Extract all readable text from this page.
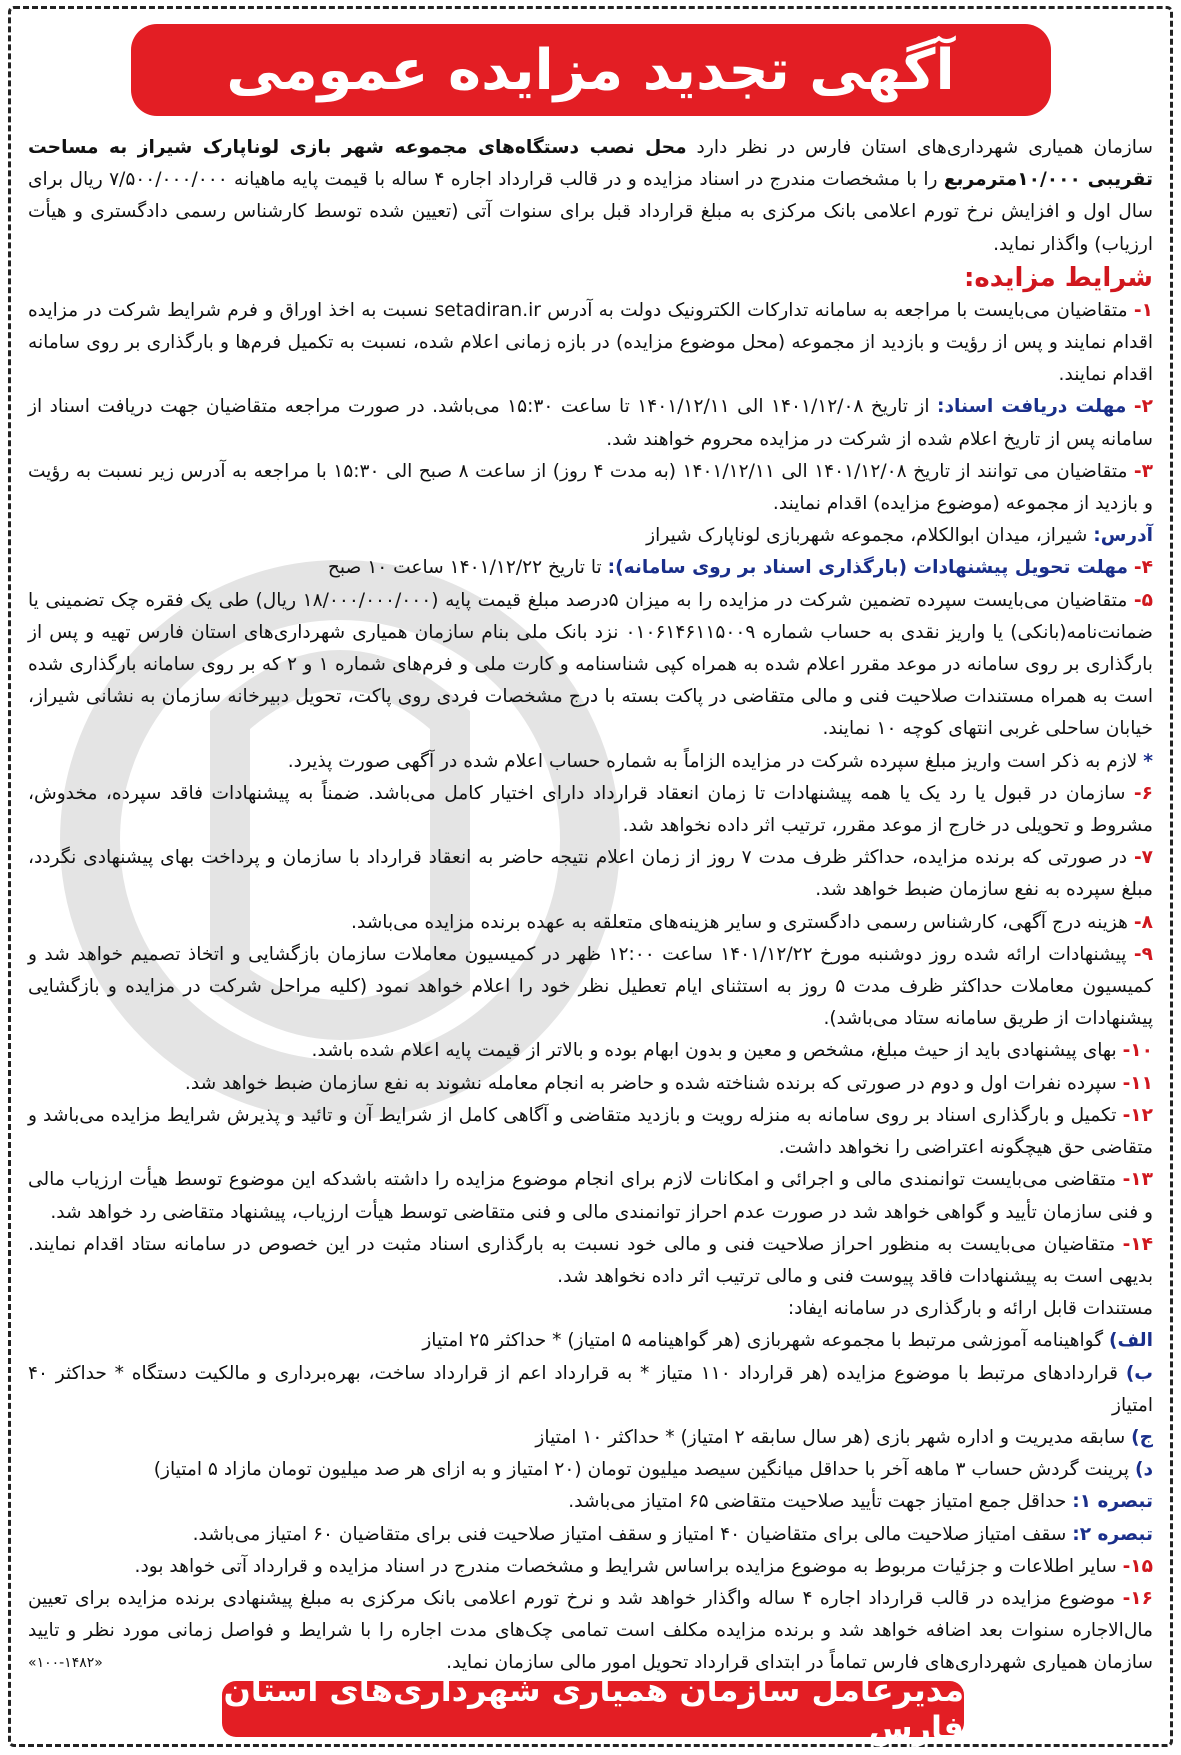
آگهی تجدید مزایده عمومی

سازمان همیاری شهرداری‌های استان فارس در نظر دارد محل نصب دستگاه‌های مجموعه شهر بازی لوناپارک شیراز به مساحت تقریبی ۱۰/۰۰۰مترمربع را با مشخصات مندرج در اسناد مزایده و در قالب قرارداد اجاره ۴ ساله با قیمت پایه ماهیانه ۷/۵۰۰/۰۰۰/۰۰۰ ریال برای سال اول و افزایش نرخ تورم اعلامی بانک مرکزی به مبلغ قرارداد قبل برای سنوات آتی (تعیین شده توسط کارشناس رسمی دادگستری و هیأت ارزیاب) واگذار نماید.

شرایط مزایده:

۱- متقاضیان می‌بایست با مراجعه به سامانه تدارکات الکترونیک دولت به آدرس setadiran.ir نسبت به اخذ اوراق و فرم شرایط شرکت در مزایده اقدام نمایند و پس از رؤیت و بازدید از مجموعه (محل موضوع مزایده) در بازه زمانی اعلام شده، نسبت به تکمیل فرم‌ها و بارگذاری بر روی سامانه اقدام نمایند.

۲- مهلت دریافت اسناد: از تاریخ ۱۴۰۱/۱۲/۰۸ الی ۱۴۰۱/۱۲/۱۱ تا ساعت ۱۵:۳۰ می‌باشد. در صورت مراجعه متقاضیان جهت دریافت اسناد از سامانه پس از تاریخ اعلام شده از شرکت در مزایده محروم خواهند شد.

۳- متقاضیان می توانند از تاریخ ۱۴۰۱/۱۲/۰۸ الی ۱۴۰۱/۱۲/۱۱ (به مدت ۴ روز) از ساعت ۸ صبح الی ۱۵:۳۰ با مراجعه به آدرس زیر نسبت به رؤیت و بازدید از مجموعه (موضوع مزایده) اقدام نمایند.

آدرس: شیراز، میدان ابوالکلام، مجموعه شهربازی لوناپارک شیراز

۴- مهلت تحویل پیشنهادات (بارگذاری اسناد بر روی سامانه): تا تاریخ ۱۴۰۱/۱۲/۲۲ ساعت ۱۰ صبح

۵- متقاضیان می‌بایست سپرده تضمین شرکت در مزایده را به میزان ۵درصد مبلغ قیمت پایه (۱۸/۰۰۰/۰۰۰/۰۰۰ ریال) طی یک فقره چک تضمینی یا ضمانت‌نامه(بانکی) یا واریز نقدی به حساب شماره ۰۱۰۶۱۴۶۱۱۵۰۰۹ نزد بانک ملی بنام سازمان همیاری شهرداری‌های استان فارس تهیه و پس از بارگذاری بر روی سامانه در موعد مقرر اعلام شده به همراه کپی شناسنامه و کارت ملی و فرم‌های شماره ۱ و ۲ که بر روی سامانه بارگذاری شده است به همراه مستندات صلاحیت فنی و مالی متقاضی در پاکت بسته با درج مشخصات فردی روی پاکت، تحویل دبیرخانه سازمان به نشانی شیراز، خیابان ساحلی غربی انتهای کوچه ۱۰ نمایند.

* لازم به ذکر است واریز مبلغ سپرده شرکت در مزایده الزاماً به شماره حساب اعلام شده در آگهی صورت پذیرد.

۶- سازمان در قبول یا رد یک یا همه پیشنهادات تا زمان انعقاد قرارداد دارای اختیار کامل می‌باشد. ضمناً به پیشنهادات فاقد سپرده، مخدوش، مشروط و تحویلی در خارج از موعد مقرر، ترتیب اثر داده نخواهد شد.

۷- در صورتی که برنده مزایده، حداکثر ظرف مدت ۷ روز از زمان اعلام نتیجه حاضر به انعقاد قرارداد با سازمان و پرداخت بهای پیشنهادی نگردد، مبلغ سپرده به نفع سازمان ضبط خواهد شد.

۸- هزینه درج آگهی، کارشناس رسمی دادگستری و سایر هزینه‌های متعلقه به عهده برنده مزایده می‌باشد.

۹- پیشنهادات ارائه شده روز دوشنبه مورخ ۱۴۰۱/۱۲/۲۲ ساعت ۱۲:۰۰ ظهر در کمیسیون معاملات سازمان بازگشایی و اتخاذ تصمیم خواهد شد و کمیسیون معاملات حداکثر ظرف مدت ۵ روز به استثنای ایام تعطیل نظر خود را اعلام خواهد نمود (کلیه مراحل شرکت در مزایده و بازگشایی پیشنهادات از طریق سامانه ستاد می‌باشد).

۱۰- بهای پیشنهادی باید از حیث مبلغ، مشخص و معین و بدون ابهام بوده و بالاتر از قیمت پایه اعلام شده باشد.

۱۱- سپرده نفرات اول و دوم در صورتی که برنده شناخته شده و حاضر به انجام معامله نشوند به نفع سازمان ضبط خواهد شد.

۱۲- تکمیل و بارگذاری اسناد بر روی سامانه به منزله رویت و بازدید متقاضی و آگاهی کامل از شرایط آن و تائید و پذیرش شرایط مزایده می‌باشد و متقاضی حق هیچگونه اعتراضی را نخواهد داشت.

۱۳- متقاضی می‌بایست توانمندی مالی و اجرائی و امکانات لازم برای انجام موضوع مزایده را داشته باشدکه این موضوع توسط هیأت ارزیاب مالی و فنی سازمان تأیید و گواهی خواهد شد در صورت عدم احراز توانمندی مالی و فنی متقاضی توسط هیأت ارزیاب، پیشنهاد متقاضی رد خواهد شد.

۱۴- متقاضیان می‌بایست به منظور احراز صلاحیت فنی و مالی خود نسبت به بارگذاری اسناد مثبت در این خصوص در سامانه ستاد اقدام نمایند. بدیهی است به پیشنهادات فاقد پیوست فنی و مالی ترتیب اثر داده نخواهد شد.

مستندات قابل ارائه و بارگذاری در سامانه ایفاد:

الف) گواهینامه آموزشی مرتبط با مجموعه شهربازی (هر گواهینامه ۵ امتیاز) * حداکثر ۲۵ امتیاز

ب) قراردادهای مرتبط با موضوع مزایده (هر قرارداد ۱۱۰ متیاز * به قرارداد اعم از قرارداد ساخت، بهره‌برداری و مالکیت دستگاه * حداکثر ۴۰ امتیاز

ج) سابقه مدیریت و اداره شهر بازی (هر سال سابقه ۲ امتیاز) * حداکثر ۱۰ امتیاز

د) پرینت گردش حساب ۳ ماهه آخر با حداقل میانگین سیصد میلیون تومان (۲۰ امتیاز و به ازای هر صد میلیون تومان مازاد ۵ امتیاز)

تبصره ۱: حداقل جمع امتیاز جهت تأیید صلاحیت متقاضی ۶۵ امتیاز می‌باشد.

تبصره ۲: سقف امتیاز صلاحیت مالی برای متقاضیان ۴۰ امتیاز و سقف امتیاز صلاحیت فنی برای متقاضیان ۶۰ امتیاز می‌باشد.

۱۵- سایر اطلاعات و جزئیات مربوط به موضوع مزایده براساس شرایط و مشخصات مندرج در اسناد مزایده و قرارداد آتی خواهد بود.

۱۶- موضوع مزایده در قالب قرارداد اجاره ۴ ساله واگذار خواهد شد و نرخ تورم اعلامی بانک مرکزی به مبلغ پیشنهادی برنده مزایده برای تعیین مال‌الاجاره سنوات بعد اضافه خواهد شد و برنده مزایده مکلف است تمامی چک‌های مدت اجاره را با شرایط و فواصل زمانی مورد نظر و تایید سازمان همیاری شهرداری‌های فارس تماماً در ابتدای قرارداد تحویل امور مالی سازمان نماید.
«۱۰۰-۱۴۸۲»

مدیرعامل سازمان همیاری شهرداری‌های استان فارس
